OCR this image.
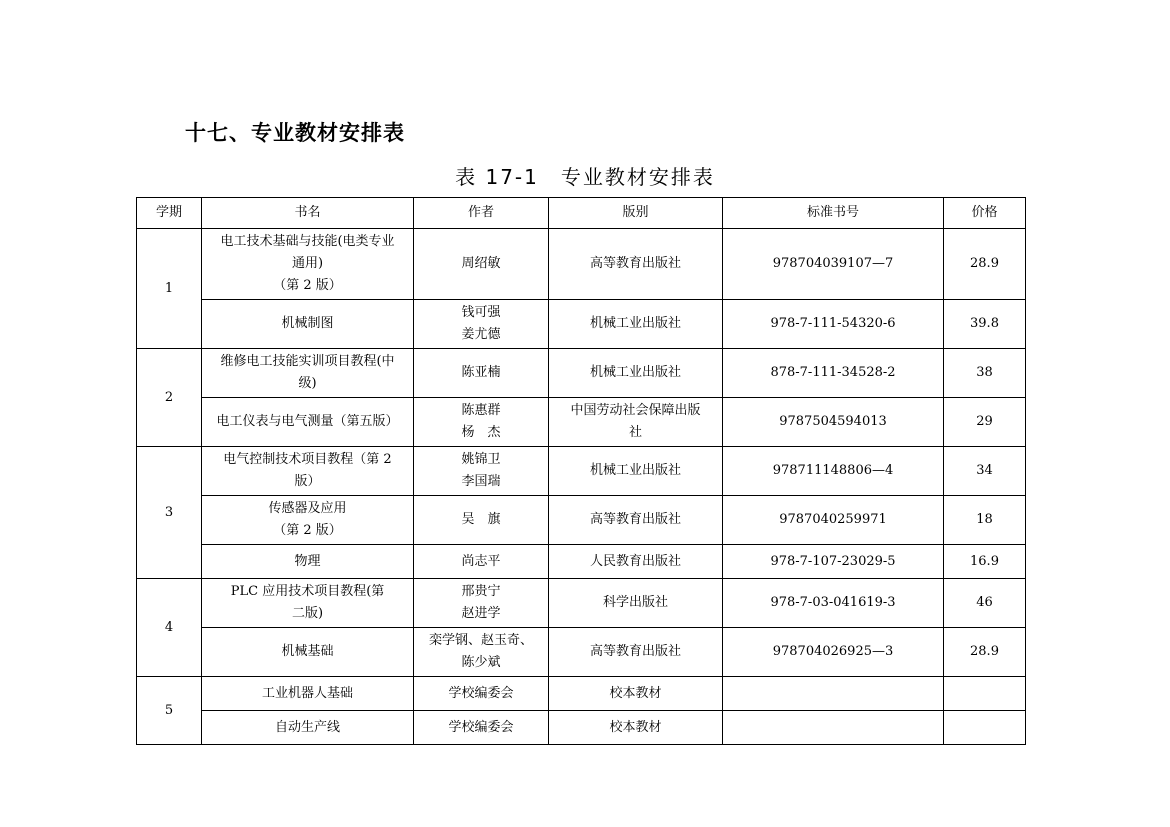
十七、专业教材安排表

表 17-1　专业教材安排表

学期	书名	作者	版别	标准书号	价格
1	电工技术基础与技能(电类专业
通用)
（第 2 版）	周绍敏	高等教育出版社	978704039107—7	28.9
	机械制图	钱可强
姜尤德	机械工业出版社	978-7-111-54320-6	39.8
2	维修电工技能实训项目教程(中
级)	陈亚楠	机械工业出版社	878-7-111-34528-2	38
	电工仪表与电气测量（第五版）	陈惠群
杨　杰	中国劳动社会保障出版
社	9787504594013	29
3	电气控制技术项目教程（第 2
版）	姚锦卫
李国瑞	机械工业出版社	978711148806—4	34
	传感器及应用
（第 2 版）	吴　旗	高等教育出版社	9787040259971	18
	物理	尚志平	人民教育出版社	978-7-107-23029-5	16.9
4	PLC 应用技术项目教程(第
二版)	邢贵宁
赵进学	科学出版社	978-7-03-041619-3	46
	机械基础	栾学钢、赵玉奇、
陈少斌	高等教育出版社	978704026925—3	28.9
5	工业机器人基础	学校编委会	校本教材		
	自动生产线	学校编委会	校本教材		
